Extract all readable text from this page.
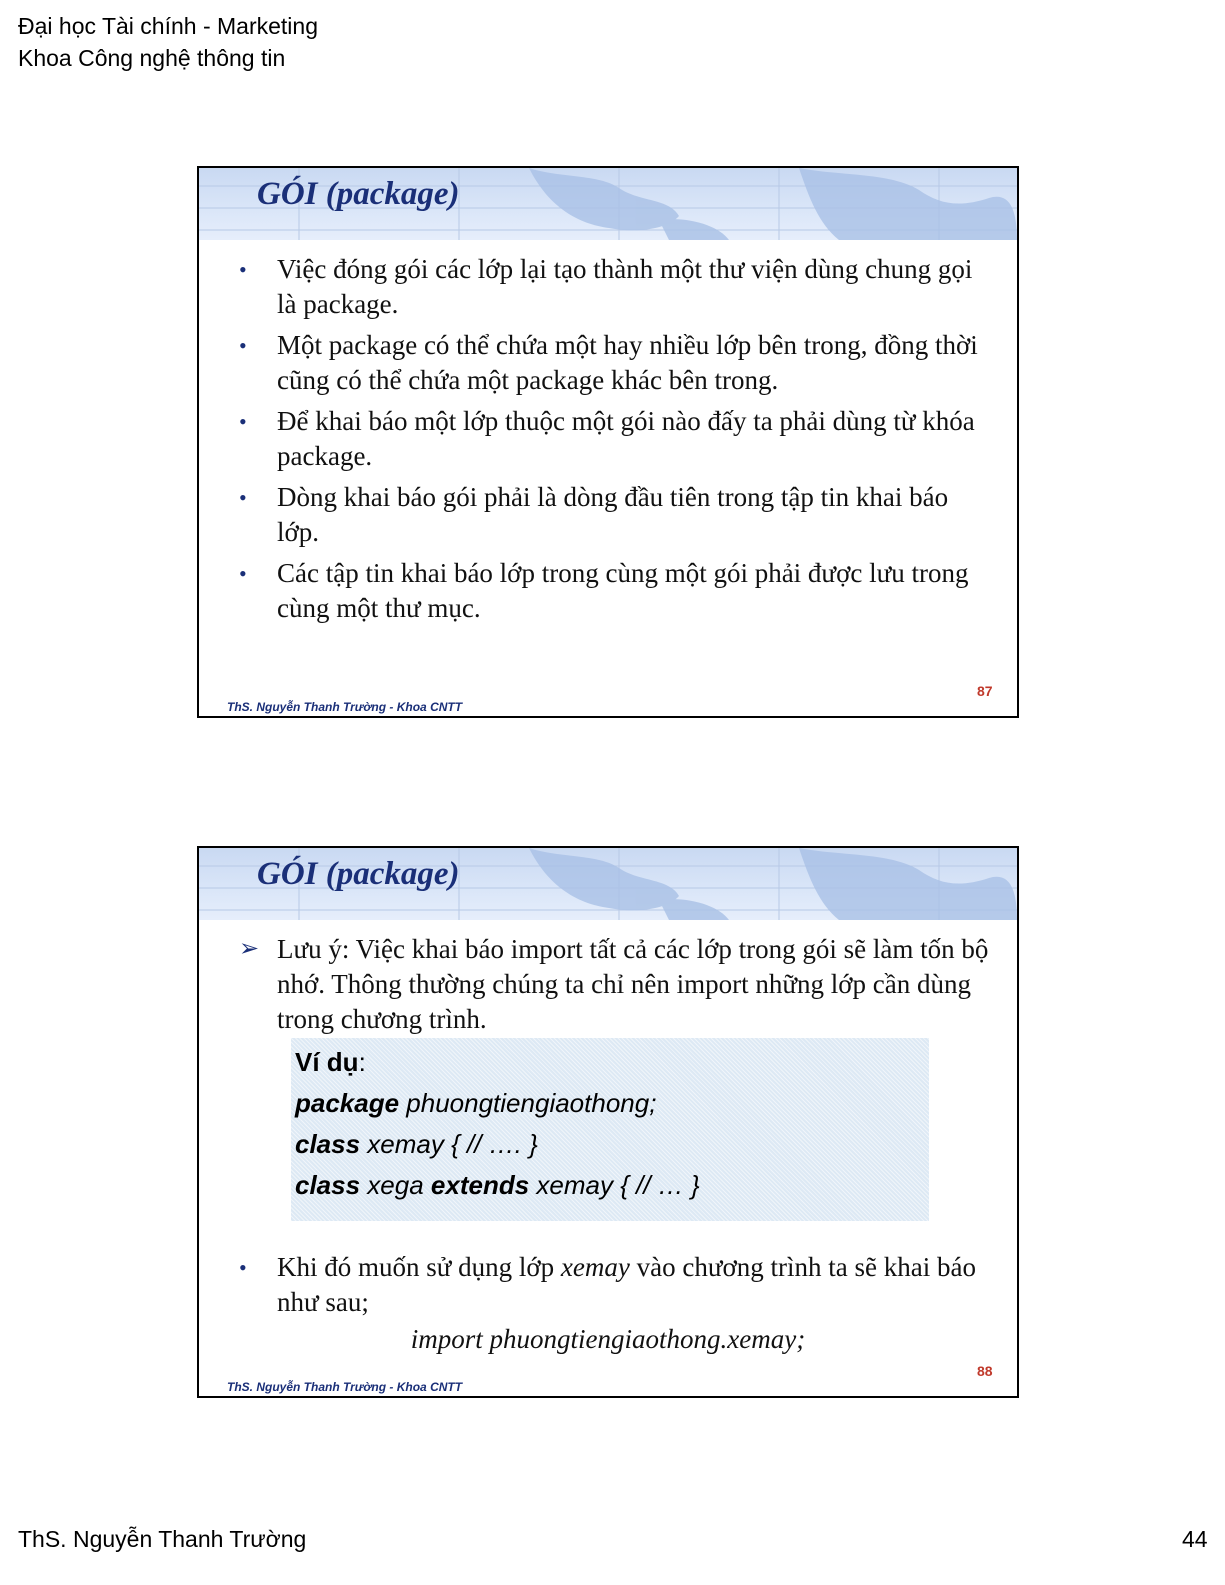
Đại học Tài chính - Marketing
Khoa Công nghệ thông tin
GÓI (package)
• Việc đóng gói các lớp lại tạo thành một thư viện dùng chung gọi là package.
• Một package có thể chứa một hay nhiều lớp bên trong, đồng thời cũng có thể chứa một package khác bên trong.
• Để khai báo một lớp thuộc một gói nào đấy ta phải dùng từ khóa package.
• Dòng khai báo gói phải là dòng đầu tiên trong tập tin khai báo lớp.
• Các tập tin khai báo lớp trong cùng một gói phải được lưu trong cùng một thư mục.
87
ThS. Nguyễn Thanh Trường - Khoa CNTT
GÓI (package)
➢ Lưu ý: Việc khai báo import tất cả các lớp trong gói sẽ làm tốn bộ nhớ. Thông thường chúng ta chỉ nên import những lớp cần dùng trong chương trình.
Ví dụ:
package phuongtiengiaothong;
class xemay { // …. }
class xega extends xemay { // … }
• Khi đó muốn sử dụng lớp xemay vào chương trình ta sẽ khai báo như sau;
import phuongtiengiaothong.xemay;
88
ThS. Nguyễn Thanh Trường - Khoa CNTT
ThS. Nguyễn Thanh Trường	44
